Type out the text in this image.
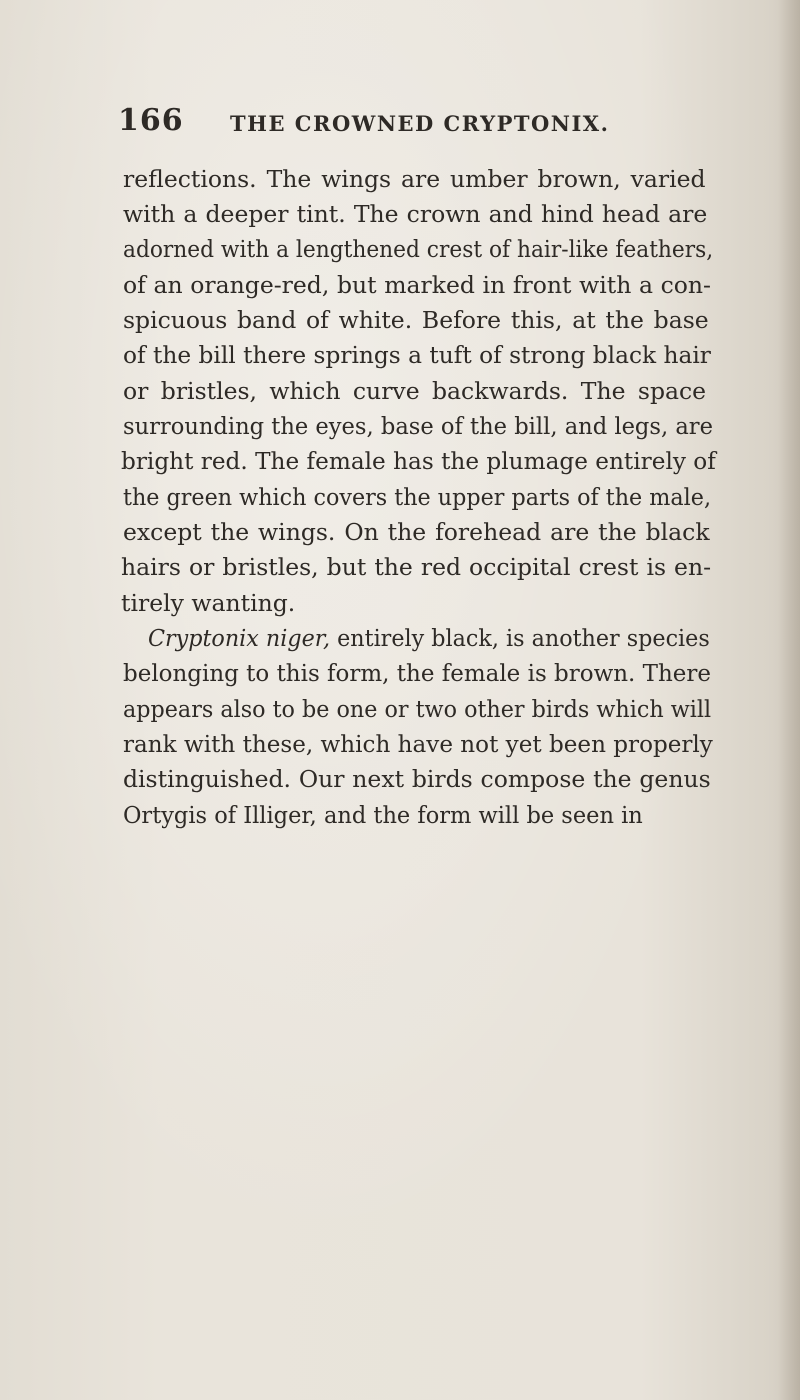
166 THE CROWNED CRYPTONIX.
reflections. The wings are umber brown, varied
with a deeper tint. The crown and hind head are
adorned with a lengthened crest of hair-like feathers,
of an orange-red, but marked in front with a con-
spicuous band of white. Before this, at the base
of the bill there springs a tuft of strong black hair
or bristles, which curve backwards. The space
surrounding the eyes, base of the bill, and legs, are
bright red. The female has the plumage entirely of
the green which covers the upper parts of the male,
except the wings. On the forehead are the black
hairs or bristles, but the red occipital crest is en-
tirely wanting.
Cryptonix niger, entirely black, is another species
belonging to this form, the female is brown. There
appears also to be one or two other birds which will
rank with these, which have not yet been properly
distinguished. Our next birds compose the genus
Ortygis of Illiger, and the form will be seen in
